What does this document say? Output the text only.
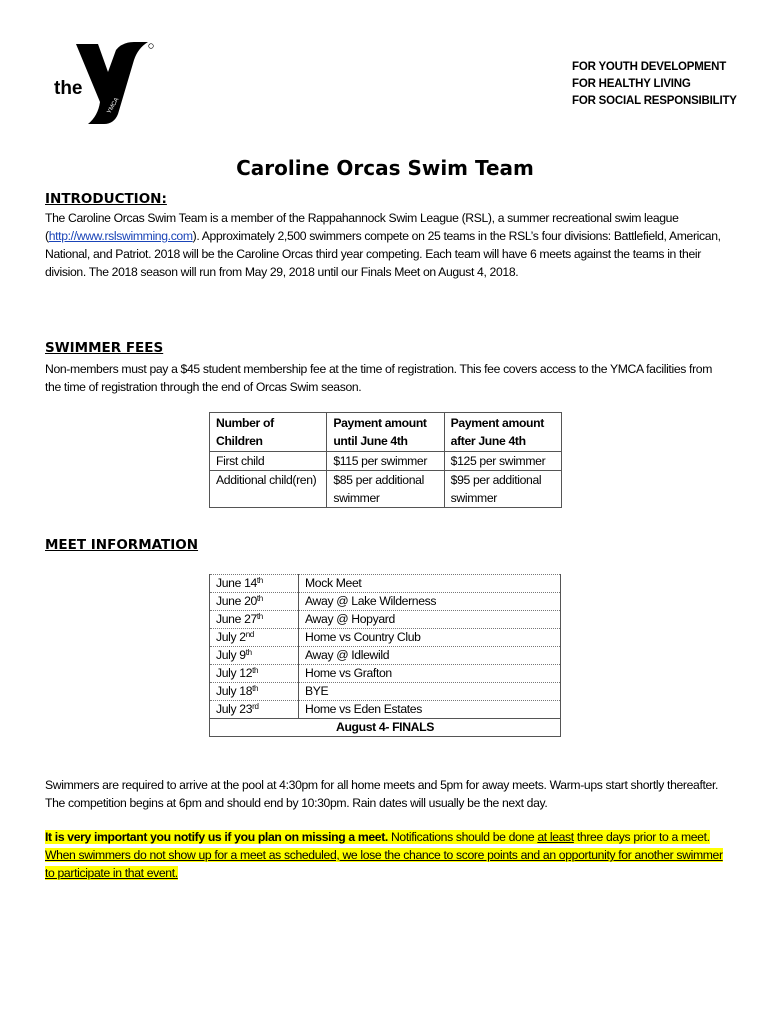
the
YMCA
FOR YOUTH DEVELOPMENT
FOR HEALTHY LIVING
FOR SOCIAL RESPONSIBILITY
Caroline Orcas Swim Team
INTRODUCTION:

The Caroline Orcas Swim Team is a member of the Rappahannock Swim League (RSL), a summer recreational swim league (http://www.rslswimming.com). Approximately 2,500 swimmers compete on 25 teams in the RSL’s four divisions: Battlefield, American, National, and Patriot. 2018 will be the Caroline Orcas third year competing. Each team will have 6 meets against the teams in their division. The 2018 season will run from May 29, 2018 until our Finals Meet on August 4, 2018.

SWIMMER FEES

Non-members must pay a $45 student membership fee at the time of registration. This fee covers access to the YMCA facilities from the time of registration through the end of Orcas Swim season.

Number of Children	Payment amount until June 4th	Payment amount after June 4th
First child	$115 per swimmer	$125 per swimmer
Additional child(ren)	$85 per additional swimmer	$95 per additional swimmer
MEET INFORMATION
June 14th	Mock Meet
June 20th	Away @ Lake Wilderness
June 27th	Away @ Hopyard
July 2nd	Home vs Country Club
July 9th	Away @ Idlewild
July 12th	Home vs Grafton
July 18th	BYE
July 23rd	Home vs Eden Estates
August 4- FINALS	

Swimmers are required to arrive at the pool at 4:30pm for all home meets and 5pm for away meets. Warm-ups start shortly thereafter. The competition begins at 6pm and should end by 10:30pm. Rain dates will usually be the next day.

It is very important you notify us if you plan on missing a meet. Notifications should be done at least three days prior to a meet. When swimmers do not show up for a meet as scheduled, we lose the chance to score points and an opportunity for another swimmer to participate in that event.
